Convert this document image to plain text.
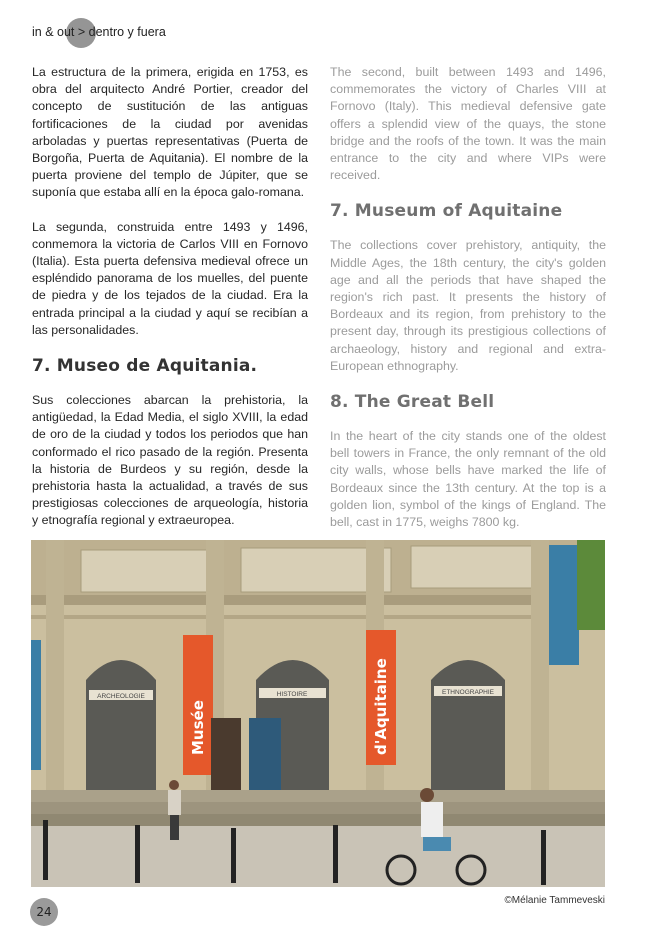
in & out > dentro y fuera

La estructura de la primera, erigida en 1753, es obra del arquitecto André Portier, creador del concepto de sustitución de las antiguas fortificaciones de la ciudad por avenidas arboladas y puertas representativas (Puerta de Borgoña, Puerta de Aquitania). El nombre de la puerta proviene del templo de Júpiter, que se suponía que estaba allí en la época galo-romana.

La segunda, construida entre 1493 y 1496, conmemora la victoria de Carlos VIII en Fornovo (Italia). Esta puerta defensiva medieval ofrece un espléndido panorama de los muelles, del puente de piedra y de los tejados de la ciudad. Era la entrada principal a la ciudad y aquí se recibían a las personalidades.

7. Museo de Aquitania.

Sus colecciones abarcan la prehistoria, la antigüedad, la Edad Media, el siglo XVIII, la edad de oro de la ciudad y todos los periodos que han conformado el rico pasado de la región. Presenta la historia de Burdeos y su región, desde la prehistoria hasta la actualidad, a través de sus prestigiosas colecciones de arqueología, historia y etnografía regional y extraeuropea.

The second, built between 1493 and 1496, commemorates the victory of Charles VIII at Fornovo (Italy). This medieval defensive gate offers a splendid view of the quays, the stone bridge and the roofs of the town. It was the main entrance to the city and where VIPs were received.

7. Museum of Aquitaine

The collections cover prehistory, antiquity, the Middle Ages, the 18th century, the city's golden age and all the periods that have shaped the region's rich past. It presents the history of Bordeaux and its region, from prehistory to the present day, through its prestigious collections of archaeology, history and regional and extra-European ethnography.

8. The Great Bell

In the heart of the city stands one of the oldest bell towers in France, the only remnant of the old city walls, whose bells have marked the life of Bordeaux since the 13th century. At the top is a golden lion, symbol of the kings of England. The bell, cast in 1775, weighs 7800 kg.

ARCHEOLOGIE	HISTOIRE	ETHNOGRAPHIE
Musée	d'Aquitaine
©Mélanie Tammeveski
24
